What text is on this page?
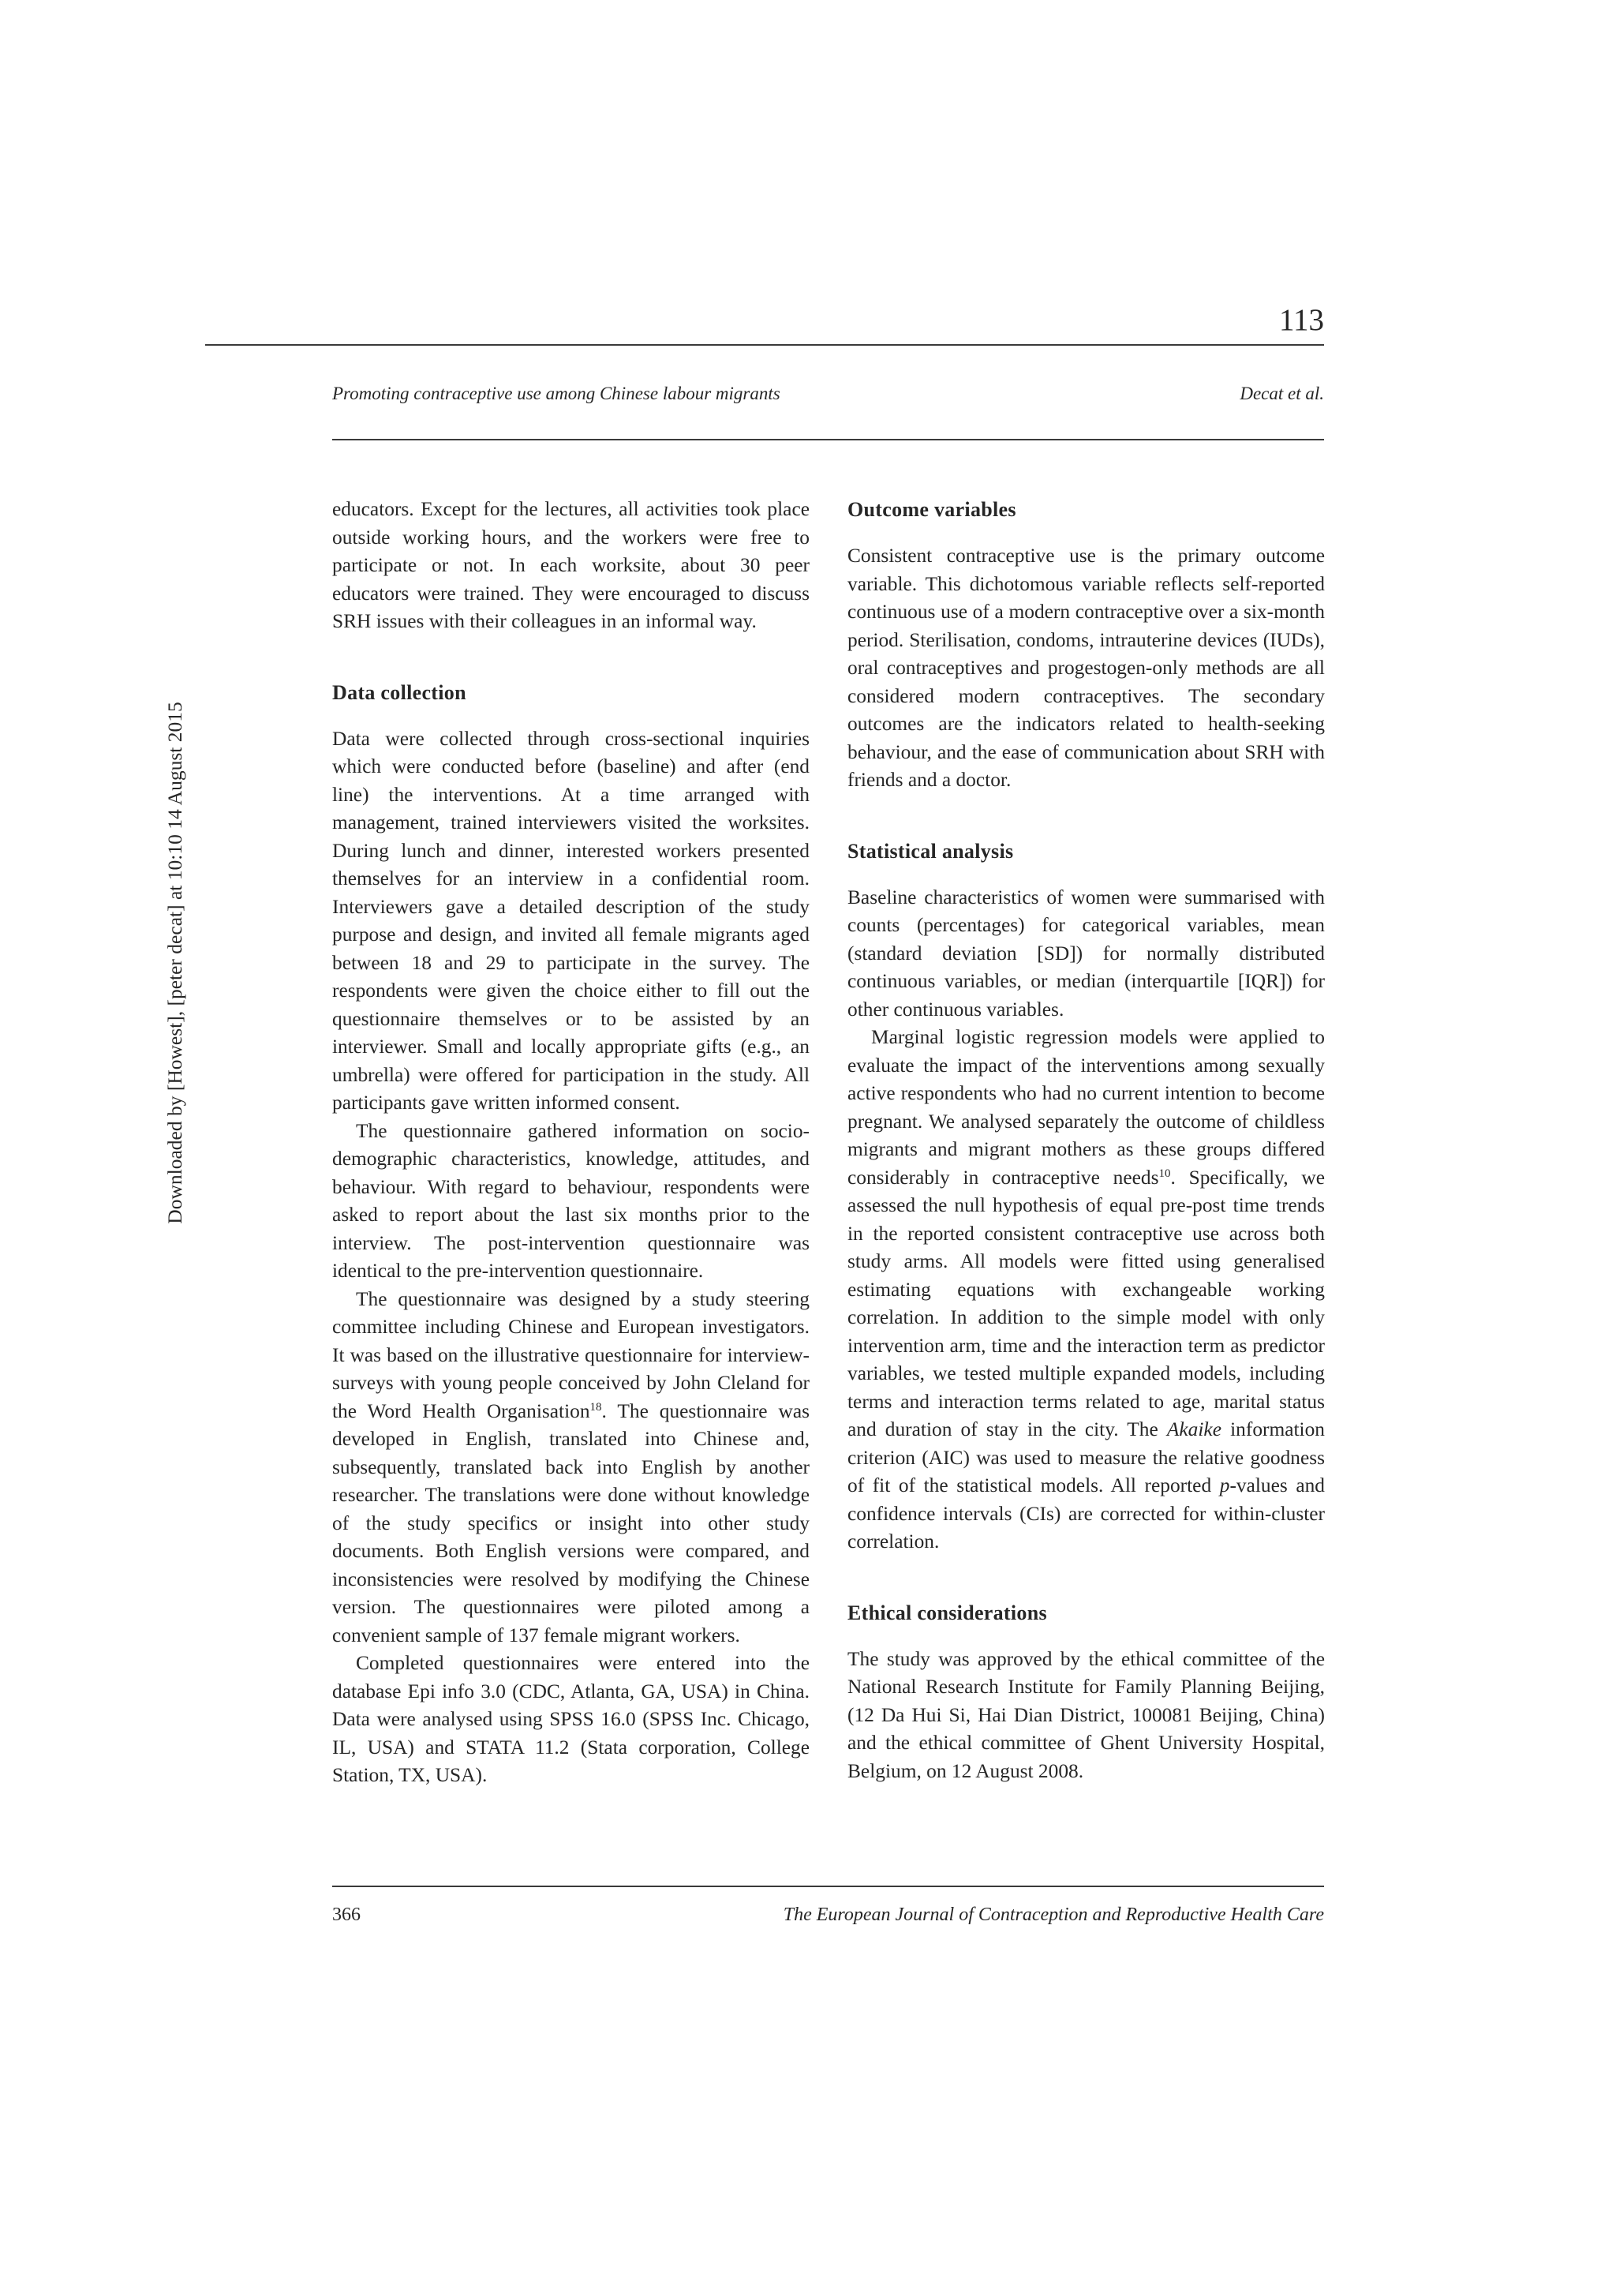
113
Promoting contraceptive use among Chinese labour migrants	Decat et al.
Downloaded by [Howest], [peter decat] at 10:10 14 August 2015

educators. Except for the lectures, all activities took place outside working hours, and the workers were free to participate or not. In each worksite, about 30 peer educators were trained. They were encouraged to discuss SRH issues with their colleagues in an informal way.

Data collection

Data were collected through cross-sectional inquiries which were conducted before (baseline) and after (end line) the interventions. At a time arranged with management, trained interviewers visited the worksites. During lunch and dinner, interested workers presented themselves for an interview in a confidential room. Interviewers gave a detailed description of the study purpose and design, and invited all female migrants aged between 18 and 29 to participate in the survey. The respondents were given the choice either to fill out the questionnaire themselves or to be assisted by an interviewer. Small and locally appropriate gifts (e.g., an umbrella) were offered for participation in the study. All participants gave written informed consent.

The questionnaire gathered information on sociodemographic characteristics, knowledge, attitudes, and behaviour. With regard to behaviour, respondents were asked to report about the last six months prior to the interview. The post-intervention questionnaire was identical to the pre-intervention questionnaire.

The questionnaire was designed by a study steering committee including Chinese and European investigators. It was based on the illustrative questionnaire for interview-surveys with young people conceived by John Cleland for the Word Health Organisation$^{18}$. The questionnaire was developed in English, translated into Chinese and, subsequently, translated back into English by another researcher. The translations were done without knowledge of the study specifics or insight into other study documents. Both English versions were compared, and inconsistencies were resolved by modifying the Chinese version. The questionnaires were piloted among a convenient sample of 137 female migrant workers.

Completed questionnaires were entered into the database Epi info 3.0 (CDC, Atlanta, GA, USA) in China. Data were analysed using SPSS 16.0 (SPSS Inc. Chicago, IL, USA) and STATA 11.2 (Stata corporation, College Station, TX, USA).

Outcome variables

Consistent contraceptive use is the primary outcome variable. This dichotomous variable reflects self-reported continuous use of a modern contraceptive over a six-month period. Sterilisation, condoms, intrauterine devices (IUDs), oral contraceptives and progestogen-only methods are all considered modern contraceptives. The secondary outcomes are the indicators related to health-seeking behaviour, and the ease of communication about SRH with friends and a doctor.

Statistical analysis

Baseline characteristics of women were summarised with counts (percentages) for categorical variables, mean (standard deviation [SD]) for normally distributed continuous variables, or median (interquartile [IQR]) for other continuous variables.

Marginal logistic regression models were applied to evaluate the impact of the interventions among sexually active respondents who had no current intention to become pregnant. We analysed separately the outcome of childless migrants and migrant mothers as these groups differed considerably in contraceptive needs$^{10}$. Specifically, we assessed the null hypothesis of equal pre-post time trends in the reported consistent contraceptive use across both study arms. All models were fitted using generalised estimating equations with exchangeable working correlation. In addition to the simple model with only intervention arm, time and the interaction term as predictor variables, we tested multiple expanded models, including terms and interaction terms related to age, marital status and duration of stay in the city. The Akaike information criterion (AIC) was used to measure the relative goodness of fit of the statistical models. All reported p-values and confidence intervals (CIs) are corrected for within-cluster correlation.

Ethical considerations

The study was approved by the ethical committee of the National Research Institute for Family Planning Beijing, (12 Da Hui Si, Hai Dian District, 100081 Beijing, China) and the ethical committee of Ghent University Hospital, Belgium, on 12 August 2008.

366	The European Journal of Contraception and Reproductive Health Care
